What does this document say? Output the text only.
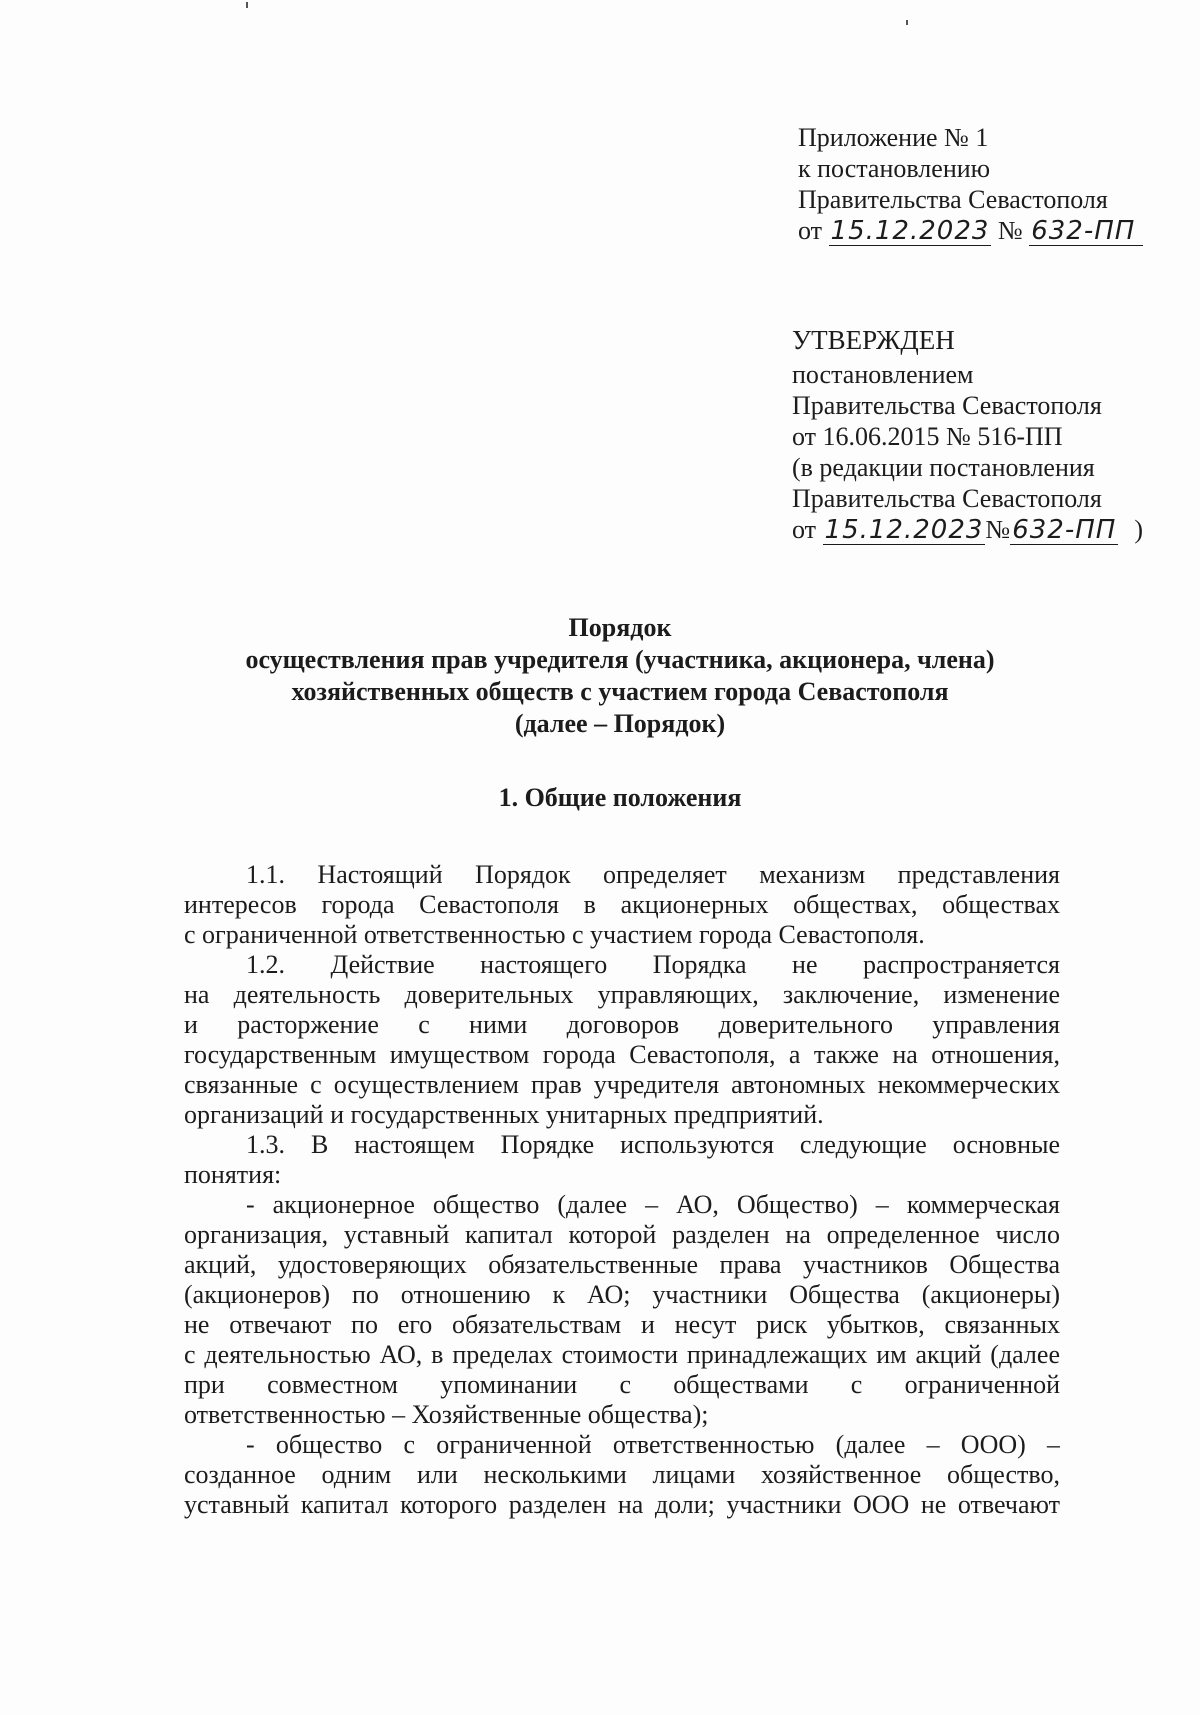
Приложение № 1
к постановлению
Правительства Севастополя
от 15.12.2023 № 632-ПП
УТВЕРЖДЕН
постановлением
Правительства Севастополя
от 16.06.2015 № 516-ПП
(в редакции постановления
Правительства Севастополя
от 15.12.2023№632-ПП )
Порядок
осуществления прав учредителя (участника, акционера, члена)
хозяйственных обществ с участием города Севастополя
(далее – Порядок)
1. Общие положения
1.1. Настоящий Порядок определяет механизм представления
интересов города Севастополя в акционерных обществах, обществах
с ограниченной ответственностью с участием города Севастополя.
1.2. Действие настоящего Порядка не распространяется
на деятельность доверительных управляющих, заключение, изменение
и расторжение с ними договоров доверительного управления
государственным имуществом города Севастополя, а также на отношения,
связанные с осуществлением прав учредителя автономных некоммерческих
организаций и государственных унитарных предприятий.
1.3. В настоящем Порядке используются следующие основные
понятия:
- акционерное общество (далее – АО, Общество) – коммерческая
организация, уставный капитал которой разделен на определенное число
акций, удостоверяющих обязательственные права участников Общества
(акционеров) по отношению к АО; участники Общества (акционеры)
не отвечают по его обязательствам и несут риск убытков, связанных
с деятельностью АО, в пределах стоимости принадлежащих им акций (далее
при совместном упоминании с обществами с ограниченной
ответственностью – Хозяйственные общества);
- общество с ограниченной ответственностью (далее – ООО) –
созданное одним или несколькими лицами хозяйственное общество,
уставный капитал которого разделен на доли; участники ООО не отвечают
